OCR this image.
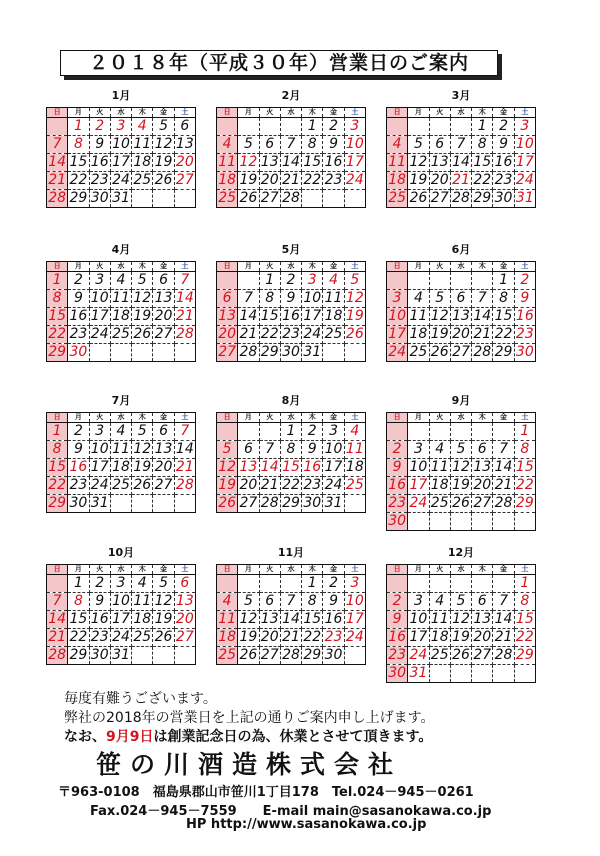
２０１８年（平成３０年）営業日のご案内
1月
日	月	火	水	木	金	土
	1	2	3	4	5	6
7	8	9	10	11	12	13
14	15	16	17	18	19	20
21	22	23	24	25	26	27
28	29	30	31			
2月
日	月	火	水	木	金	土
				1	2	3
4	5	6	7	8	9	10
11	12	13	14	15	16	17
18	19	20	21	22	23	24
25	26	27	28			
3月
日	月	火	水	木	金	土
				1	2	3
4	5	6	7	8	9	10
11	12	13	14	15	16	17
18	19	20	21	22	23	24
25	26	27	28	29	30	31
4月
日	月	火	水	木	金	土
1	2	3	4	5	6	7
8	9	10	11	12	13	14
15	16	17	18	19	20	21
22	23	24	25	26	27	28
29	30					
5月
日	月	火	水	木	金	土
		1	2	3	4	5
6	7	8	9	10	11	12
13	14	15	16	17	18	19
20	21	22	23	24	25	26
27	28	29	30	31		
6月
日	月	火	水	木	金	土
					1	2
3	4	5	6	7	8	9
10	11	12	13	14	15	16
17	18	19	20	21	22	23
24	25	26	27	28	29	30
7月
日	月	火	水	木	金	土
1	2	3	4	5	6	7
8	9	10	11	12	13	14
15	16	17	18	19	20	21
22	23	24	25	26	27	28
29	30	31				
8月
日	月	火	水	木	金	土
			1	2	3	4
5	6	7	8	9	10	11
12	13	14	15	16	17	18
19	20	21	22	23	24	25
26	27	28	29	30	31	
9月
日	月	火	水	木	金	土
						1
2	3	4	5	6	7	8
9	10	11	12	13	14	15
16	17	18	19	20	21	22
23	24	25	26	27	28	29
30						
10月
日	月	火	水	木	金	土
	1	2	3	4	5	6
7	8	9	10	11	12	13
14	15	16	17	18	19	20
21	22	23	24	25	26	27
28	29	30	31			
11月
日	月	火	水	木	金	土
				1	2	3
4	5	6	7	8	9	10
11	12	13	14	15	16	17
18	19	20	21	22	23	24
25	26	27	28	29	30	
12月
日	月	火	水	木	金	土
						1
2	3	4	5	6	7	8
9	10	11	12	13	14	15
16	17	18	19	20	21	22
23	24	25	26	27	28	29
30	31					
毎度有難うございます。
弊社の2018年の営業日を上記の通りご案内申し上げます。
なお、9月9日は創業記念日の為、休業とさせて頂きます。
笹の川酒造株式会社
〒963-0108　福島県郡山市笹川1丁目178　Tel.024－945－0261
Fax.024－945－7559　　E-mail main@sasanokawa.co.jp
HP http://www.sasanokawa.co.jp
